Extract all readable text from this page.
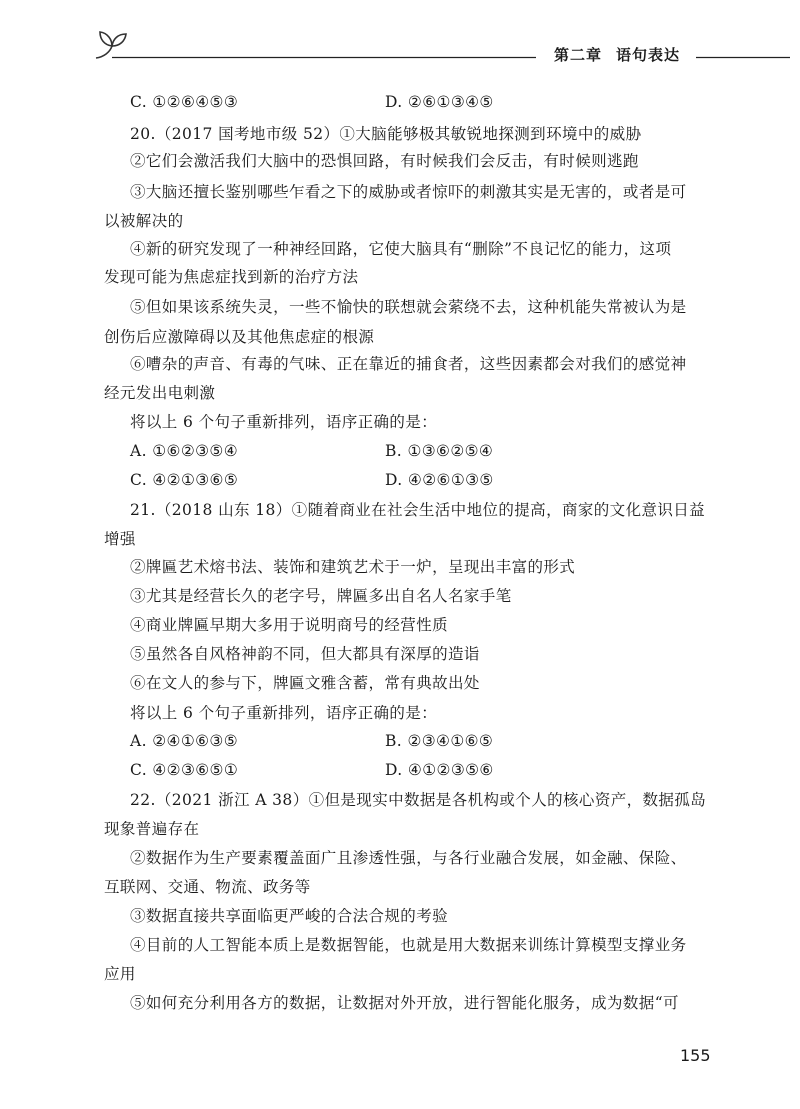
第二章 语句表达
C. ①②⑥④⑤③	D. ②⑥①③④⑤
20.（2017 国考地市级 52）①大脑能够极其敏锐地探测到环境中的威胁
②它们会激活我们大脑中的恐惧回路，有时候我们会反击，有时候则逃跑
③大脑还擅长鉴别哪些乍看之下的威胁或者惊吓的刺激其实是无害的，或者是可
以被解决的
④新的研究发现了一种神经回路，它使大脑具有“删除”不良记忆的能力，这项
发现可能为焦虑症找到新的治疗方法
⑤但如果该系统失灵，一些不愉快的联想就会萦绕不去，这种机能失常被认为是
创伤后应激障碍以及其他焦虑症的根源
⑥嘈杂的声音、有毒的气味、正在靠近的捕食者，这些因素都会对我们的感觉神
经元发出电刺激
将以上 6 个句子重新排列，语序正确的是：
A. ①⑥②③⑤④	B. ①③⑥②⑤④
C. ④②①③⑥⑤	D. ④②⑥①③⑤
21.（2018 山东 18）①随着商业在社会生活中地位的提高，商家的文化意识日益
增强
②牌匾艺术熔书法、装饰和建筑艺术于一炉，呈现出丰富的形式
③尤其是经营长久的老字号，牌匾多出自名人名家手笔
④商业牌匾早期大多用于说明商号的经营性质
⑤虽然各自风格神韵不同，但大都具有深厚的造诣
⑥在文人的参与下，牌匾文雅含蓄，常有典故出处
将以上 6 个句子重新排列，语序正确的是：
A. ②④①⑥③⑤	B. ②③④①⑥⑤
C. ④②③⑥⑤①	D. ④①②③⑤⑥
22.（2021 浙江 A 38）①但是现实中数据是各机构或个人的核心资产，数据孤岛
现象普遍存在
②数据作为生产要素覆盖面广且渗透性强，与各行业融合发展，如金融、保险、
互联网、交通、物流、政务等
③数据直接共享面临更严峻的合法合规的考验
④目前的人工智能本质上是数据智能，也就是用大数据来训练计算模型支撑业务
应用
⑤如何充分利用各方的数据，让数据对外开放，进行智能化服务，成为数据“可
155
